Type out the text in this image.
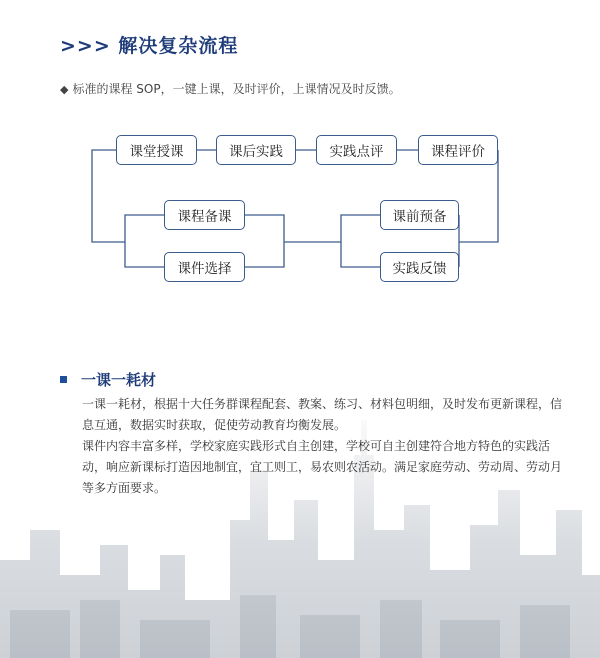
>>> 解决复杂流程
◆ 标准的课程 SOP，一键上课，及时评价，上课情况及时反馈。
课堂授课	课后实践	实践点评	课程评价
课程备课
课件选择
课前预备
实践反馈
一课一耗材

一课一耗材，根据十大任务群课程配套、教案、练习、材料包明细，及时发布更新课程，信息互通，数据实时获取，促使劳动教育均衡发展。

课件内容丰富多样，学校家庭实践形式自主创建，学校可自主创建符合地方特色的实践活动，响应新课标打造因地制宜，宜工则工，易农则农活动。满足家庭劳动、劳动周、劳动月等多方面要求。
